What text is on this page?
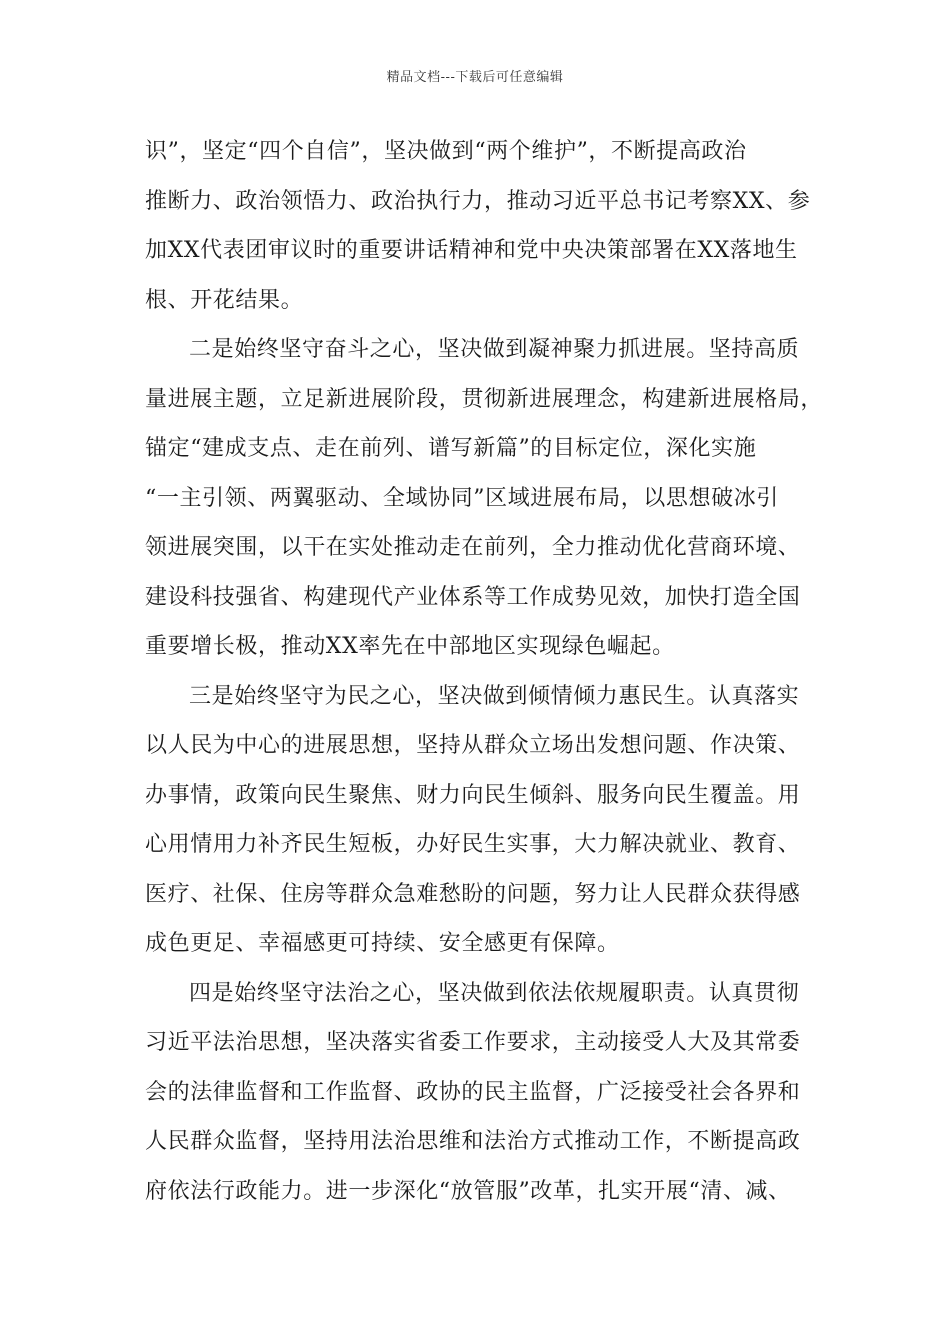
精品文档---下载后可任意编辑
识”，坚定“四个自信”，坚决做到“两个维护”，不断提高政治
推断力、政治领悟力、政治执行力，推动习近平总书记考察XX、参
加XX代表团审议时的重要讲话精神和党中央决策部署在XX落地生
根、开花结果。
二是始终坚守奋斗之心，坚决做到凝神聚力抓进展。坚持高质
量进展主题，立足新进展阶段，贯彻新进展理念，构建新进展格局，
锚定“建成支点、走在前列、谱写新篇”的目标定位，深化实施
“一主引领、两翼驱动、全域协同”区域进展布局，以思想破冰引
领进展突围，以干在实处推动走在前列，全力推动优化营商环境、
建设科技强省、构建现代产业体系等工作成势见效，加快打造全国
重要增长极，推动XX率先在中部地区实现绿色崛起。
三是始终坚守为民之心，坚决做到倾情倾力惠民生。认真落实
以人民为中心的进展思想，坚持从群众立场出发想问题、作决策、
办事情，政策向民生聚焦、财力向民生倾斜、服务向民生覆盖。用
心用情用力补齐民生短板，办好民生实事，大力解决就业、教育、
医疗、社保、住房等群众急难愁盼的问题，努力让人民群众获得感
成色更足、幸福感更可持续、安全感更有保障。
四是始终坚守法治之心，坚决做到依法依规履职责。认真贯彻
习近平法治思想，坚决落实省委工作要求，主动接受人大及其常委
会的法律监督和工作监督、政协的民主监督，广泛接受社会各界和
人民群众监督，坚持用法治思维和法治方式推动工作，不断提高政
府依法行政能力。进一步深化“放管服”改革，扎实开展“清、减、
